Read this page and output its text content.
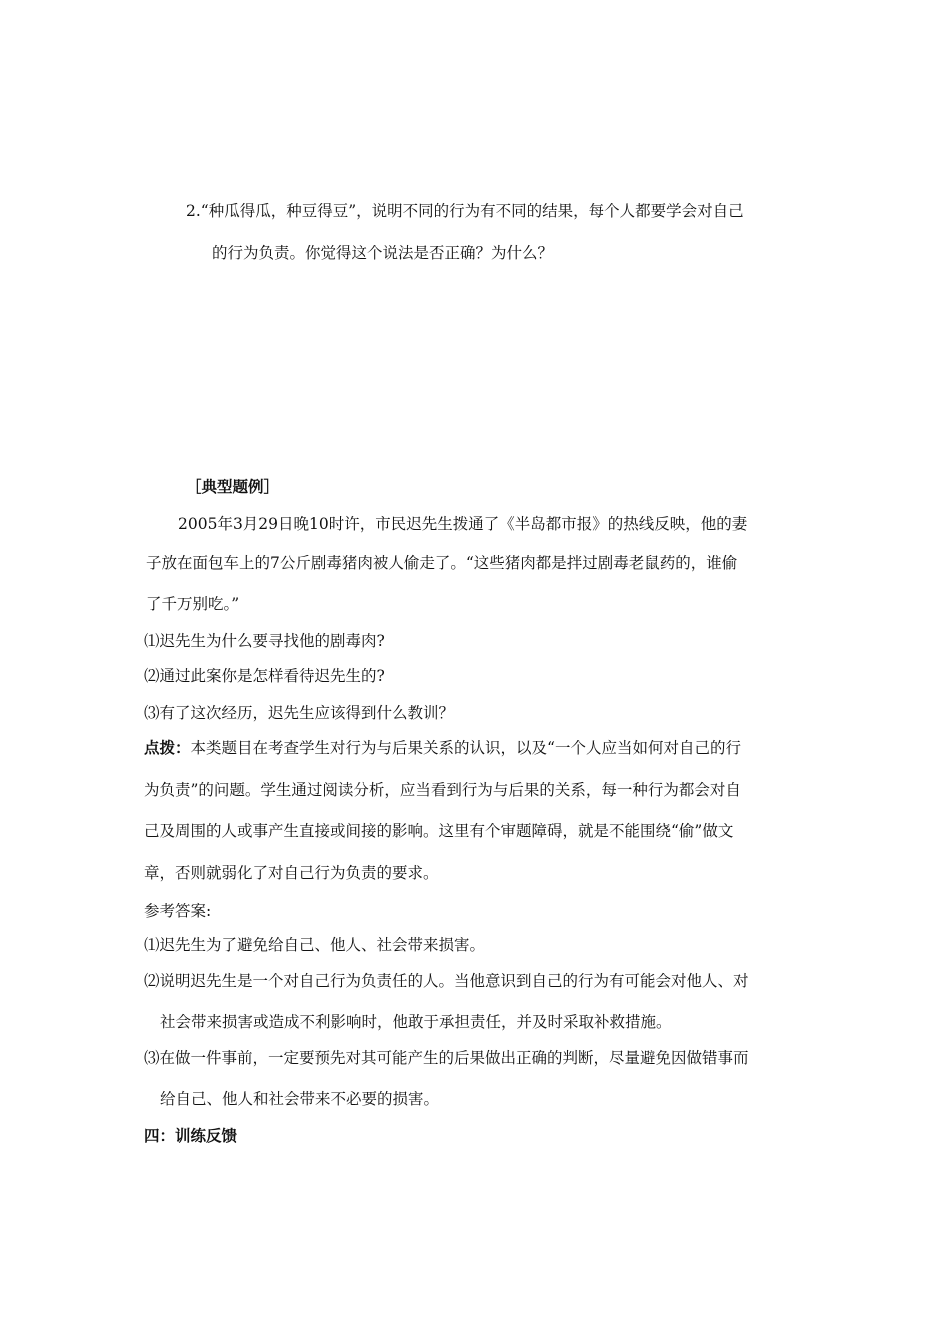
2.“种瓜得瓜，种豆得豆”，说明不同的行为有不同的结果，每个人都要学会对自己
的行为负责。你觉得这个说法是否正确？为什么？
［典型题例］
2005年3月29日晚10时许，市民迟先生拨通了《半岛都市报》的热线反映，他的妻
子放在面包车上的7公斤剧毒猪肉被人偷走了。“这些猪肉都是拌过剧毒老鼠药的，谁偷
了千万别吃。”
⑴迟先生为什么要寻找他的剧毒肉?
⑵通过此案你是怎样看待迟先生的?
⑶有了这次经历，迟先生应该得到什么教训？
点拨：本类题目在考查学生对行为与后果关系的认识，以及“一个人应当如何对自己的行
为负责”的问题。学生通过阅读分析，应当看到行为与后果的关系，每一种行为都会对自
己及周围的人或事产生直接或间接的影响。这里有个审题障碍，就是不能围绕“偷”做文
章，否则就弱化了对自己行为负责的要求。
参考答案:
⑴迟先生为了避免给自己、他人、社会带来损害。
⑵说明迟先生是一个对自己行为负责任的人。当他意识到自己的行为有可能会对他人、对
社会带来损害或造成不利影响时，他敢于承担责任，并及时采取补救措施。
⑶在做一件事前，一定要预先对其可能产生的后果做出正确的判断，尽量避免因做错事而
给自己、他人和社会带来不必要的损害。
四：训练反馈
